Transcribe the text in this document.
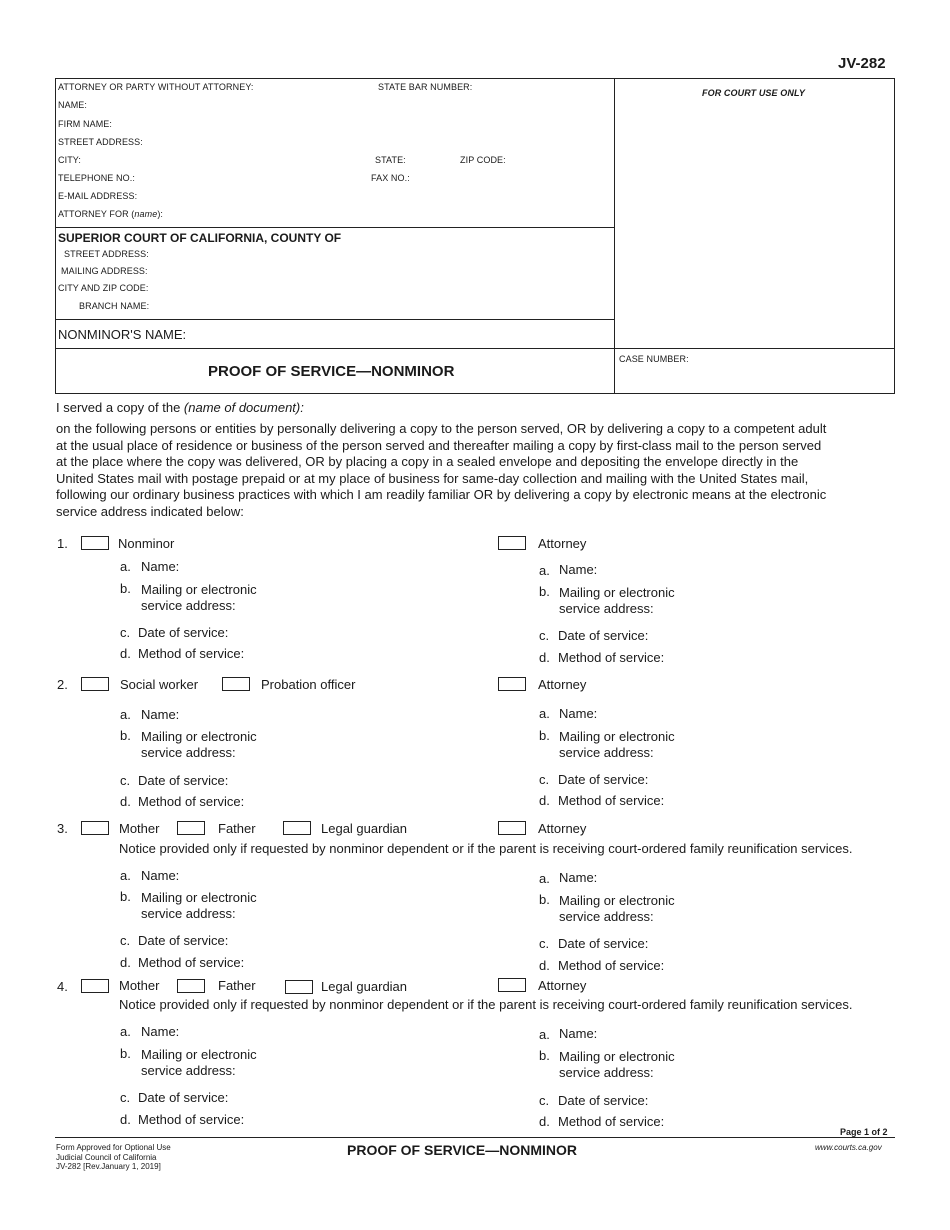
JV-282
ATTORNEY OR PARTY WITHOUT ATTORNEY:	STATE BAR NUMBER:
FOR COURT USE ONLY
NAME:
FIRM NAME:
STREET ADDRESS:
CITY:	STATE:	ZIP CODE:
TELEPHONE NO.:	FAX NO.:
E-MAIL ADDRESS:
ATTORNEY FOR (name):
SUPERIOR COURT OF CALIFORNIA, COUNTY OF
STREET ADDRESS:
MAILING ADDRESS:
CITY AND ZIP CODE:
BRANCH NAME:
NONMINOR'S NAME:
PROOF OF SERVICE—NONMINOR
CASE NUMBER:
I served a copy of the (name of document):
on the following persons or entities by personally delivering a copy to the person served, OR by delivering a copy to a competent adult
at the usual place of residence or business of the person served and thereafter mailing a copy by first-class mail to the person served
at the place where the copy was delivered, OR by placing a copy in a sealed envelope and depositing the envelope directly in the
United States mail with postage prepaid or at my place of business for same-day collection and mailing with the United States mail,
following our ordinary business practices with which I am readily familiar OR by delivering a copy by electronic means at the electronic
service address indicated below:
1.	Nonminor	Attorney
a. Name:
b. Mailing or electronic
service address:
c. Date of service:
d. Method of service:
a. Name:
b. Mailing or electronic
service address:
c. Date of service:
d. Method of service:
2.	Social worker	Probation officer	Attorney
a. Name:
b. Mailing or electronic
service address:
c. Date of service:
d. Method of service:
a. Name:
b. Mailing or electronic
service address:
c. Date of service:
d. Method of service:
3.	Mother	Father	Legal guardian	Attorney
Notice provided only if requested by nonminor dependent or if the parent is receiving court-ordered family reunification services.
a. Name:
b. Mailing or electronic
service address:
c. Date of service:
d. Method of service:
a. Name:
b. Mailing or electronic
service address:
c. Date of service:
d. Method of service:
4.	Mother	Father	Legal guardian	Attorney
Notice provided only if requested by nonminor dependent or if the parent is receiving court-ordered family reunification services.
a. Name:
b. Mailing or electronic
service address:
c. Date of service:
d. Method of service:
a. Name:
b. Mailing or electronic
service address:
c. Date of service:
d. Method of service:
Page 1 of 2
Form Approved for Optional Use
Judicial Council of California
JV-282 [Rev.January 1, 2019]
PROOF OF SERVICE—NONMINOR	www.courts.ca.gov
